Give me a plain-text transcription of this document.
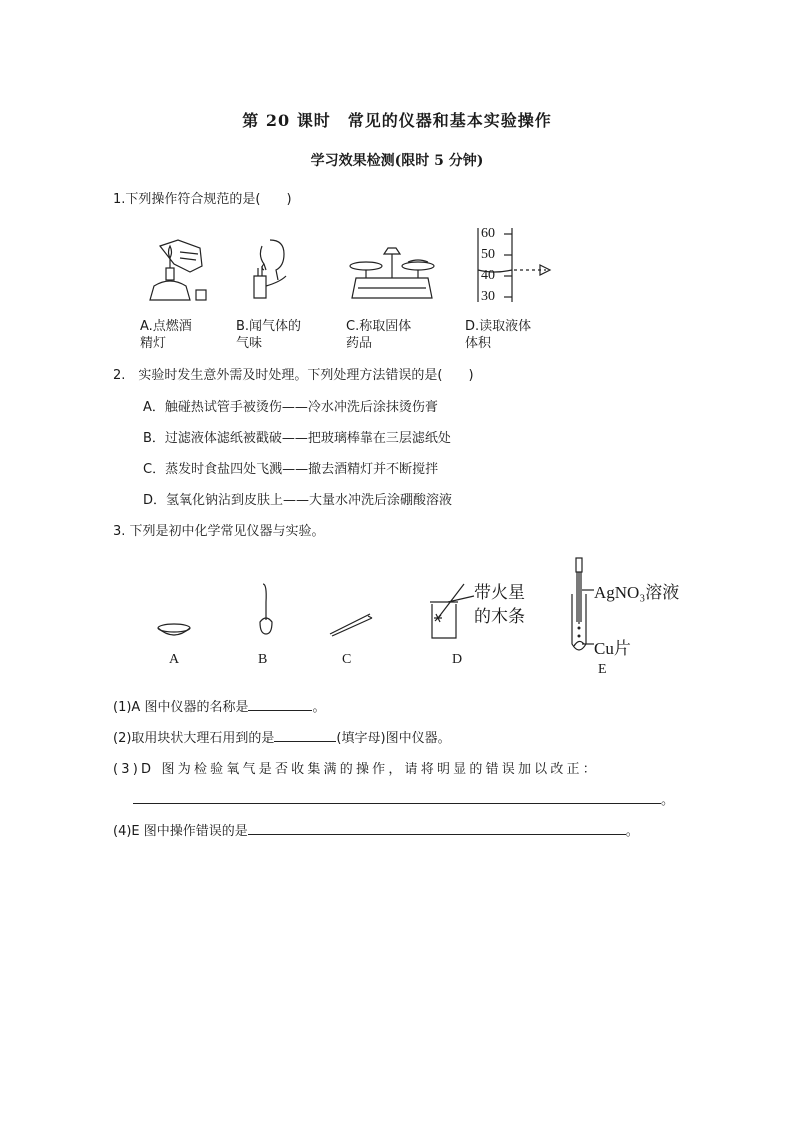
第 20 课时　常见的仪器和基本实验操作
学习效果检测(限时 5 分钟)
1.下列操作符合规范的是(　　)
60
50
40
30
A.点燃酒
精灯
B.闻气体的
气味
C.称取固体
药品
D.读取液体
体积
2.　实验时发生意外需及时处理。下列处理方法错误的是(　　)
A．触碰热试管手被烫伤——冷水冲洗后涂抹烫伤膏
B．过滤液体滤纸被戳破——把玻璃棒靠在三层滤纸处
C．蒸发时食盐四处飞溅——撤去酒精灯并不断搅拌
D．氢氧化钠沾到皮肤上——大量水冲洗后涂硼酸溶液
3. 下列是初中化学常见仪器与实验。
带火星
的木条
AgNO₃溶液
Cu片
A	B	C	D
E
(1)A 图中仪器的名称是	。
(2)取用块状大理石用到的是	(填字母)图中仪器。
(3)D 图为检验氧气是否收集满的操作，请将明显的错误加以改正：
。
(4)E 图中操作错误的是	。
